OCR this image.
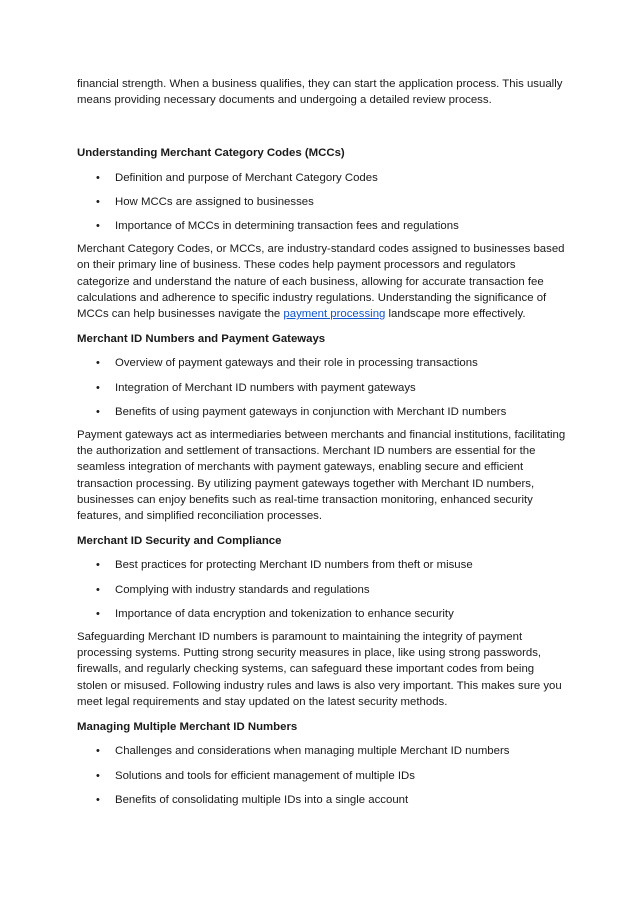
financial strength. When a business qualifies, they can start the application process. This usually means providing necessary documents and undergoing a detailed review process.

Understanding Merchant Category Codes (MCCs)

• Definition and purpose of Merchant Category Codes
• How MCCs are assigned to businesses
• Importance of MCCs in determining transaction fees and regulations

Merchant Category Codes, or MCCs, are industry-standard codes assigned to businesses based on their primary line of business. These codes help payment processors and regulators categorize and understand the nature of each business, allowing for accurate transaction fee calculations and adherence to specific industry regulations. Understanding the significance of MCCs can help businesses navigate the payment processing landscape more effectively.

Merchant ID Numbers and Payment Gateways

• Overview of payment gateways and their role in processing transactions
• Integration of Merchant ID numbers with payment gateways
• Benefits of using payment gateways in conjunction with Merchant ID numbers

Payment gateways act as intermediaries between merchants and financial institutions, facilitating the authorization and settlement of transactions. Merchant ID numbers are essential for the seamless integration of merchants with payment gateways, enabling secure and efficient transaction processing. By utilizing payment gateways together with Merchant ID numbers, businesses can enjoy benefits such as real-time transaction monitoring, enhanced security features, and simplified reconciliation processes.

Merchant ID Security and Compliance

• Best practices for protecting Merchant ID numbers from theft or misuse
• Complying with industry standards and regulations
• Importance of data encryption and tokenization to enhance security

Safeguarding Merchant ID numbers is paramount to maintaining the integrity of payment processing systems. Putting strong security measures in place, like using strong passwords, firewalls, and regularly checking systems, can safeguard these important codes from being stolen or misused. Following industry rules and laws is also very important. This makes sure you meet legal requirements and stay updated on the latest security methods.

Managing Multiple Merchant ID Numbers

• Challenges and considerations when managing multiple Merchant ID numbers
• Solutions and tools for efficient management of multiple IDs
• Benefits of consolidating multiple IDs into a single account
